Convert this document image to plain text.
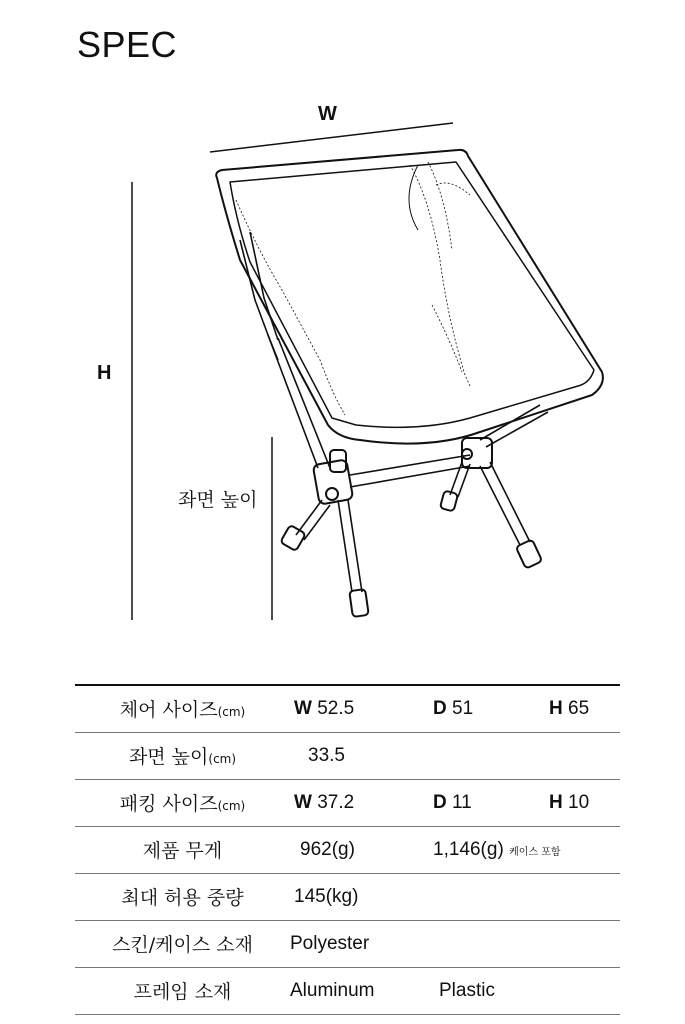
SPEC
W
H
좌면 높이
체어 사이즈(cm)	W 52.5	D 51	H 65
좌면 높이(cm)	33.5		
패킹 사이즈(cm)	W 37.2	D 11	H 10
제품 무게	962(g)	1,146(g) 케이스 포함	
최대 허용 중량	145(kg)		
스킨/케이스 소재	Polyester		
프레임 소재	Aluminum	Plastic	
